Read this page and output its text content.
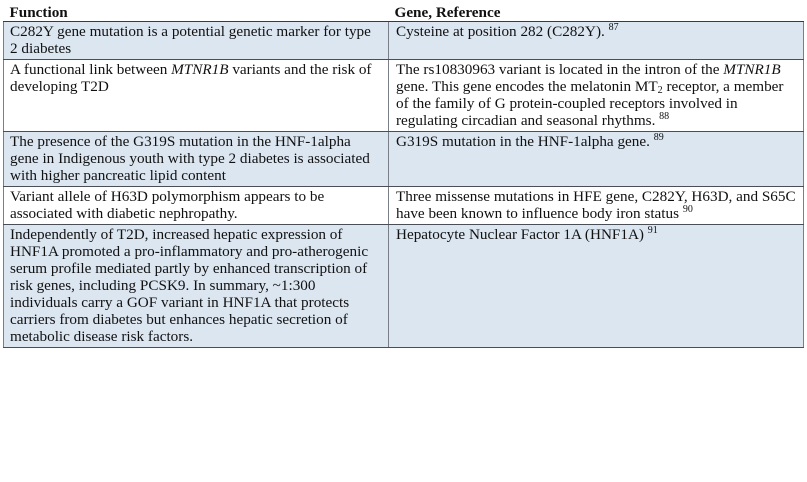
Function	Gene, Reference
C282Y gene mutation is a potential genetic marker for type 2 diabetes	Cysteine at position 282 (C282Y). $^{87}$
A functional link between MTNR1B variants and the risk of developing T2D	The rs10830963 variant is located in the intron of the MTNR1B gene. This gene encodes the melatonin $MT_2$ receptor, a member of the family of G protein-coupled receptors involved in regulating circadian and seasonal rhythms. $^{88}$
The presence of the G319S mutation in the HNF-1alpha gene in Indigenous youth with type 2 diabetes is associated with higher pancreatic lipid content	G319S mutation in the HNF-1alpha gene. $^{89}$
Variant allele of H63D polymorphism appears to be associated with diabetic nephropathy.	Three missense mutations in HFE gene, C282Y, H63D, and S65C have been known to influence body iron status $^{90}$
Independently of T2D, increased hepatic expression of HNF1A promoted a pro-inflammatory and pro-atherogenic serum profile mediated partly by enhanced transcription of risk genes, including PCSK9. In summary, ~1:300 individuals carry a GOF variant in HNF1A that protects carriers from diabetes but enhances hepatic secretion of metabolic disease risk factors.	Hepatocyte Nuclear Factor 1A (HNF1A) $^{91}$
